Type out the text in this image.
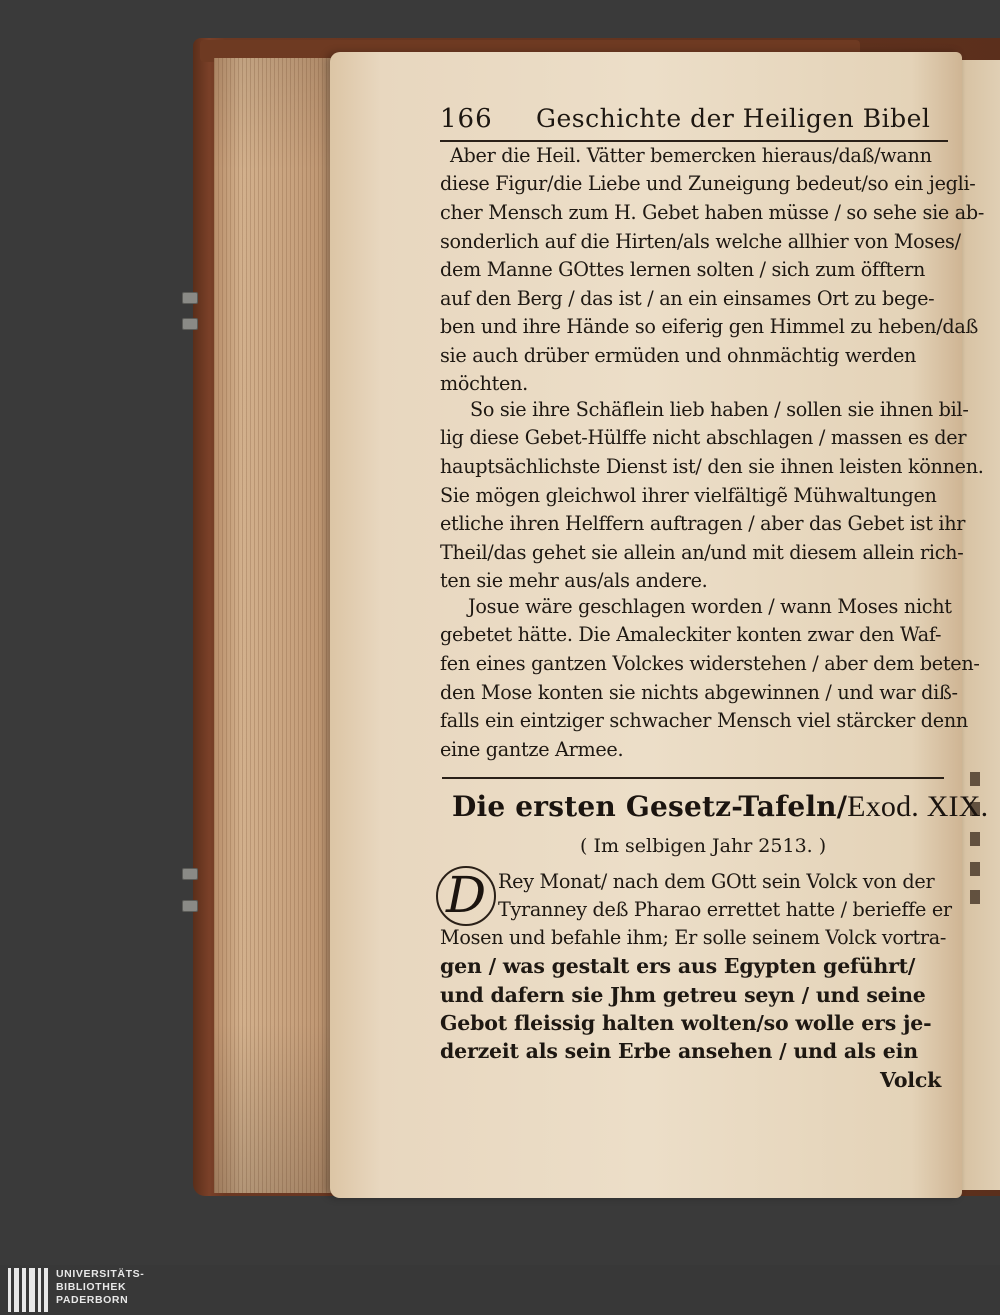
166 Geschichte der Heiligen Bibel
Aber die Heil. Vätter bemercken hieraus/daß/wann
diese Figur/die Liebe und Zuneigung bedeut/so ein jegli-
cher Mensch zum H. Gebet haben müsse / so sehe sie ab-
sonderlich auf die Hirten/als welche allhier von Moses/
dem Manne GOttes lernen solten / sich zum öfftern
auf den Berg / das ist / an ein einsames Ort zu bege-
ben und ihre Hände so eiferig gen Himmel zu heben/daß
sie auch drüber ermüden und ohnmächtig werden
möchten.
So sie ihre Schäflein lieb haben / sollen sie ihnen bil-
lig diese Gebet-Hülffe nicht abschlagen / massen es der
hauptsächlichste Dienst ist/ den sie ihnen leisten können.
Sie mögen gleichwol ihrer vielfältigẽ Mühwaltungen
etliche ihren Helffern auftragen / aber das Gebet ist ihr
Theil/das gehet sie allein an/und mit diesem allein rich-
ten sie mehr aus/als andere.
Josue wäre geschlagen worden / wann Moses nicht
gebetet hätte. Die Amaleckiter konten zwar den Waf-
fen eines gantzen Volckes widerstehen / aber dem beten-
den Mose konten sie nichts abgewinnen / und war diß-
falls ein eintziger schwacher Mensch viel stärcker denn
eine gantze Armee.
Die ersten Gesetz-Tafeln/Exod. XIX.
( Im selbigen Jahr 2513. )
D Rey Monat/ nach dem GOtt sein Volck von der
Tyranney deß Pharao errettet hatte / berieffe er
Mosen und befahle ihm; Er solle seinem Volck vortra-
gen / was gestalt ers aus Egypten geführt/
und dafern sie Jhm getreu seyn / und seine
Gebot fleissig halten wolten/so wolle ers je-
derzeit als sein Erbe ansehen / und als ein
Volck
UNIVERSITÄTS-
BIBLIOTHEK
PADERBORN
